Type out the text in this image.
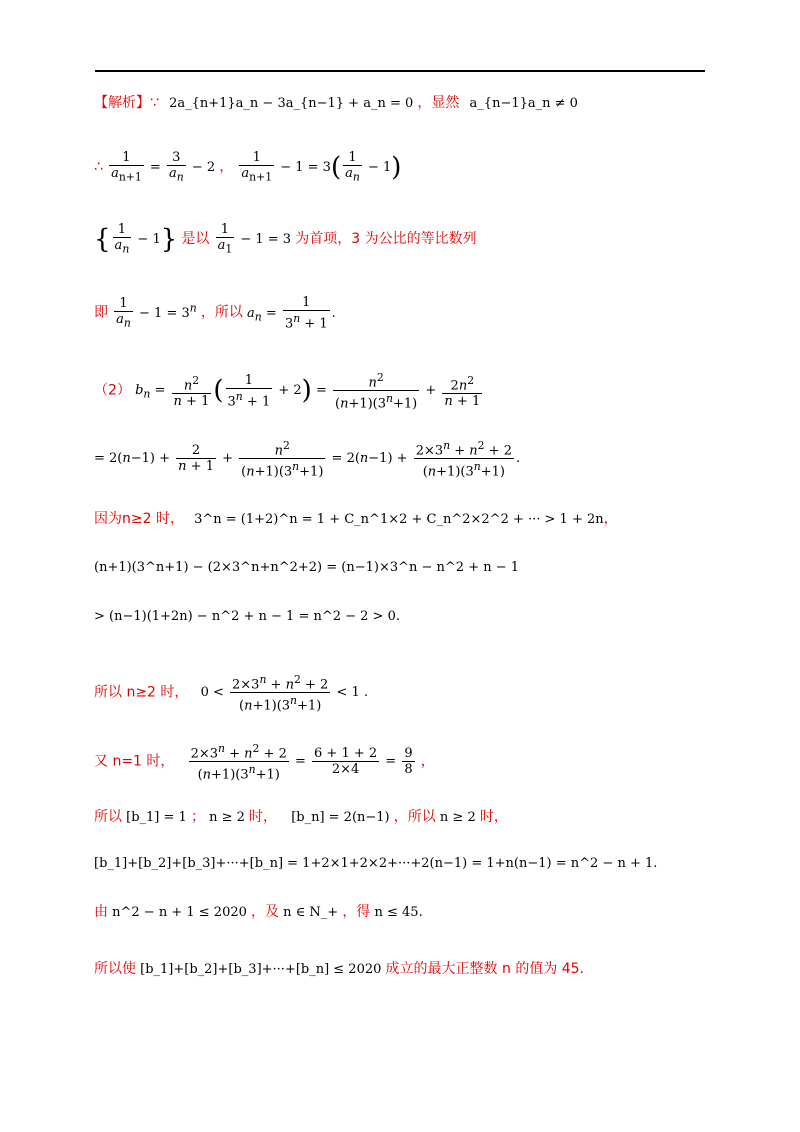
【解析】∵ 2a_{n+1}a_n − 3a_{n−1} + a_n = 0 ，显然 a_{n−1}a_n ≠ 0
∴ $\frac{1}{a_{n+1}} = \frac{3}{a_n} - 2$ ， $\frac{1}{a_{n+1}} - 1 = 3( \frac{1}{a_n} - 1)$
{ $\frac{1}{a_n} - 1$} 是以 $\frac{1}{a_1} - 1 = 3$ 为首项，3 为公比的等比数列
即 $\frac{1}{a_n} - 1 = 3^n$ ，所以 $a_n = \frac{1}{3^n + 1}$ .
（2） $b_n = \frac{n^2}{n + 1}$ ( $\frac{1}{3^n + 1} + 2) = \frac{n^2}{(n+1)(3^n+1)} + \frac{2n^2}{n + 1}$
= $2(n-1) + \frac{2}{n + 1} + \frac{n^2}{(n+1)(3^n+1)} = 2(n-1) + \frac{2\times 3^n + n^2 + 2}{(n+1)(3^n+1)}$ .
因为n≥2 时， 3^n = (1+2)^n = 1 + C_n^1×2 + C_n^2×2^2 + ··· > 1 + 2n，
(n+1)(3^n+1) − (2×3^n+n^2+2) = (n−1)×3^n − n^2 + n − 1
> (n−1)(1+2n) − n^2 + n − 1 = n^2 − 2 > 0.
所以 n≥2 时， $0 < \frac{2\times 3^n + n^2 + 2}{(n+1)(3^n+1)} < 1$ .
又 n=1 时， $\frac{2\times 3^n + n^2 + 2}{(n+1)(3^n+1)} = \frac{6 + 1 + 2}{2\times 4} = \frac{9}{8}$ ，
所以 [b_1] = 1 ； n ≥ 2 时， [b_n] = 2(n−1) ，所以 n ≥ 2 时，
[b_1]+[b_2]+[b_3]+···+[b_n] = 1+2×1+2×2+···+2(n−1) = 1+n(n−1) = n^2 − n + 1.
由 n^2 − n + 1 ≤ 2020 ，及 n ∈ N_+ ，得 n ≤ 45.
所以使 [b_1]+[b_2]+[b_3]+···+[b_n] ≤ 2020 成立的最大正整数 n 的值为 45.
